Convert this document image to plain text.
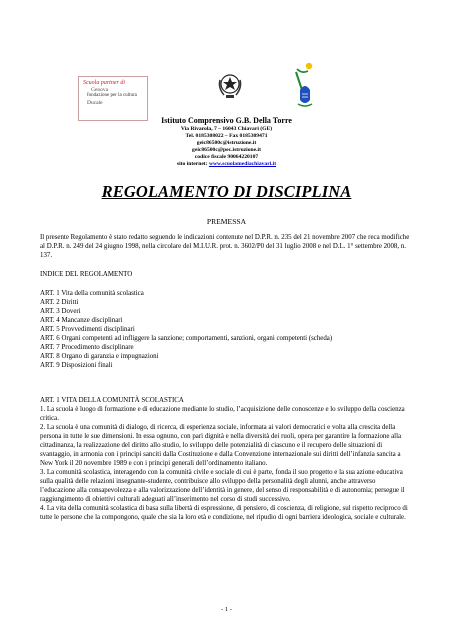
Scuola partner di
Genova
fondazione per la cultura
Ducale
Istituto Comprensivo G.B. Della Torre
Via Rivarola, 7 – 16043 Chiavari (GE)
Tel. 0185308022 – Fax 0185309471
geic86500c@istruzione.it
geic86500c@pec.istruzione.it
codice fiscale 90064220107
sito internet: www.scuolamediachiavari.it
REGOLAMENTO DI DISCIPLINA
PREMESSA

Il presente Regolamento è stato redatto seguendo le indicazioni contenute nel D.P.R. n. 235 del 21 novembre 2007 che reca modifiche al D.P.R. n. 249 del 24 giugno 1998, nella circolare del M.I.U.R. prot. n. 3602/P0 del 31 luglio 2008 e nel D.L. 1° settembre 2008, n. 137.

INDICE DEL REGOLAMENTO

ART. 1 Vita della comunità scolastica

ART. 2 Diritti

ART. 3 Doveri

ART. 4 Mancanze disciplinari

ART. 5 Provvedimenti disciplinari

ART. 6 Organi competenti ad infliggere la sanzione; comportamenti, sanzioni, organi competenti (scheda)

ART. 7 Procedimento disciplinare

ART. 8 Organo di garanzia e impugnazioni

ART. 9 Disposizioni finali

ART. 1 VITA DELLA COMUNITÀ SCOLASTICA

1. La scuola è luogo di formazione e di educazione mediante lo studio, l’acquisizione delle conoscenze e lo sviluppo della coscienza critica.

2. La scuola è una comunità di dialogo, di ricerca, di esperienza sociale, informata ai valori democratici e volta alla crescita della persona in tutte le sue dimensioni. In essa ognuno, con pari dignità e nella diversità dei ruoli, opera per garantire la formazione alla cittadinanza, la realizzazione del diritto allo studio, lo sviluppo delle potenzialità di ciascuno e il recupero delle situazioni di svantaggio, in armonia con i principi sanciti dalla Costituzione e dalla Convenzione internazionale sui diritti dell’infanzia sancita a New York il 20 novembre 1989 e con i principi generali dell’ordinamento italiano.

3. La comunità scolastica, interagendo con la comunità civile e sociale di cui è parte, fonda il suo progetto e la sua azione educativa sulla qualità delle relazioni insegnante-studente, contribuisce allo sviluppo della personalità degli alunni, anche attraverso l’educazione alla consapevolezza e alla valorizzazione dell’identità in genere, del senso di responsabilità e di autonomia; persegue il raggiungimento di obiettivi culturali adeguati all’inserimento nel corso di studi successivo.

4. La vita della comunità scolastica di basa sulla libertà di espressione, di pensiero, di coscienza, di religione, sul rispetto reciproco di tutte le persone che la compongono, quale che sia la loro età e condizione, nel ripudio di ogni barriera ideologica, sociale e culturale.

- 1 -
